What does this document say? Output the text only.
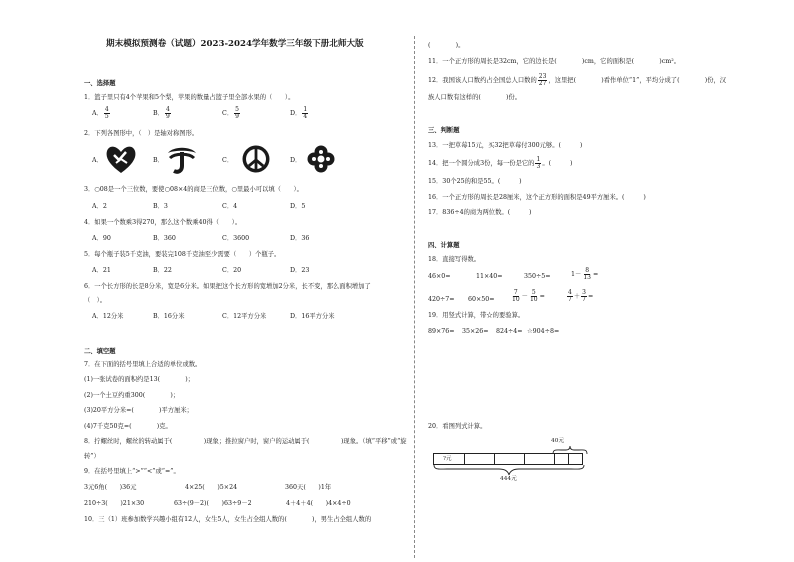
期末模拟预测卷（试题）2023-2024学年数学三年级下册北师大版
一、选择题
1．篮子里只有4个苹果和5个梨，苹果的数量占篮子里全部水果的（　　）。
A． $\frac{4}{5}$	B． $\frac{4}{9}$	C． $\frac{5}{9}$	D． $\frac{1}{4}$
2．下列各图形中，（　）是轴对称图形。
A．	B．	C．	D．
3．○08是一个三位数，要使○08×4的商是三位数，○里最小可以填（　　）。
A．2	B．3	C．4	D．5
4．如果一个数乘3得270，那么这个数乘40得（　　）。
A．90	B．360	C．3600	D．36
5．每个瓶子装5千克油，要装完108千克油至少需要（　　）个瓶子。
A．21	B．22	C．20	D．23
6．一个长方形的长是8分米，宽是6分米。如果把这个长方形的宽增加2分米，长不变，那么面积增加了
（　）。
A．12分米	B．16分米	C．12平方分米	D．16平方分米
二、填空题
7．在下面的括号里填上合适的单位或数。
(1)一张试卷的面积约是13(　　　　)；
(2)一个土豆约重300(　　　　)；
(3)20平方分米=(　　　　)平方厘米；
(4)7千克50克=(　　　　)克。
8．拧螺丝时，螺丝的转动属于(　　　　　)现象；推拉窗户时，窗户的运动属于(　　　　　)现象。（填“平移”或“旋
转”）
9．在括号里填上“>”“<”或“=”。
3元6角(　　)36元	4×25(　　)5×24	360天(　　)1年
210÷3(　　)21×30	63÷(9－2)(　　)63÷9－2	4＋4＋4(　　)4×4÷0
10．三（1）班参加数学兴趣小组有12人，女生5人，女生占全组人数的(　　　　)，男生占全组人数的
(　　　　)。
11．一个正方形的周长是32cm，它的边长是(　　　　)cm，它的面积是(　　　　)cm²。
12．我国该人口数约占全国总人口数的 $\frac{23}{27}$ ，这里把(　　　　)看作单位“1”，平均分成了(　　　　)份，汉
族人口数有这样的(　　　　)份。
三、判断题
13．一把草莓15元，买32把草莓付300元够。(　　　)
14．把一个圆分成3份，每一份是它的 $\frac{1}{3}$ 。(　　　)
15．30个25的和是55。(　　　)
16．一个正方形的周长是28厘米，这个正方形的面积是49平方厘米。(　　　)
17．836÷4的商为两位数。(　　　)
四、计算题
18．直接写得数。
46×0=	11×40=	350÷5=	$1- \frac{8}{13}$ =
420÷7= 60×50=	$\frac{7}{10} - \frac{5}{10}$ =	$\frac{4}{7} + \frac{3}{7}$ =
19．用竖式计算，带☆的要验算。
89×76= 35×26= 824÷4= ☆904÷8=
20．看图列式计算。
40元
?元
444元
